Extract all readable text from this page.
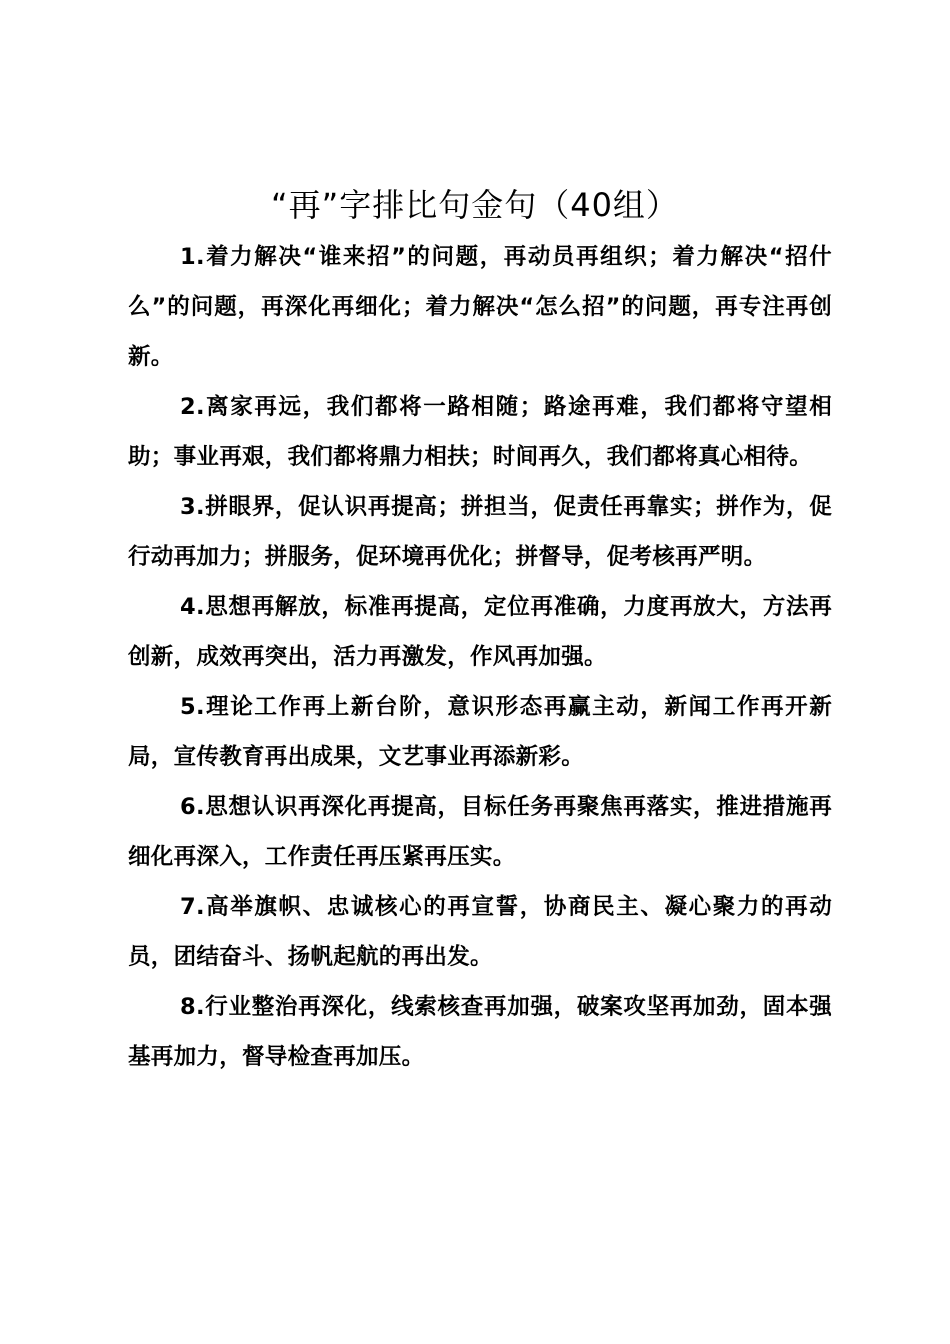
“再”字排比句金句（40组）

1.着力解决“谁来招”的问题，再动员再组织；着力解决“招什么”的问题，再深化再细化；着力解决“怎么招”的问题，再专注再创新。

2.离家再远，我们都将一路相随；路途再难，我们都将守望相助；事业再艰，我们都将鼎力相扶；时间再久，我们都将真心相待。

3.拼眼界，促认识再提高；拼担当，促责任再靠实；拼作为，促行动再加力；拼服务，促环境再优化；拼督导，促考核再严明。

4.思想再解放，标准再提高，定位再准确，力度再放大，方法再创新，成效再突出，活力再激发，作风再加强。

5.理论工作再上新台阶，意识形态再赢主动，新闻工作再开新局，宣传教育再出成果，文艺事业再添新彩。

6.思想认识再深化再提高，目标任务再聚焦再落实，推进措施再细化再深入，工作责任再压紧再压实。

7.高举旗帜、忠诚核心的再宣誓，协商民主、凝心聚力的再动员，团结奋斗、扬帆起航的再出发。

8.行业整治再深化，线索核查再加强，破案攻坚再加劲，固本强基再加力，督导检查再加压。
